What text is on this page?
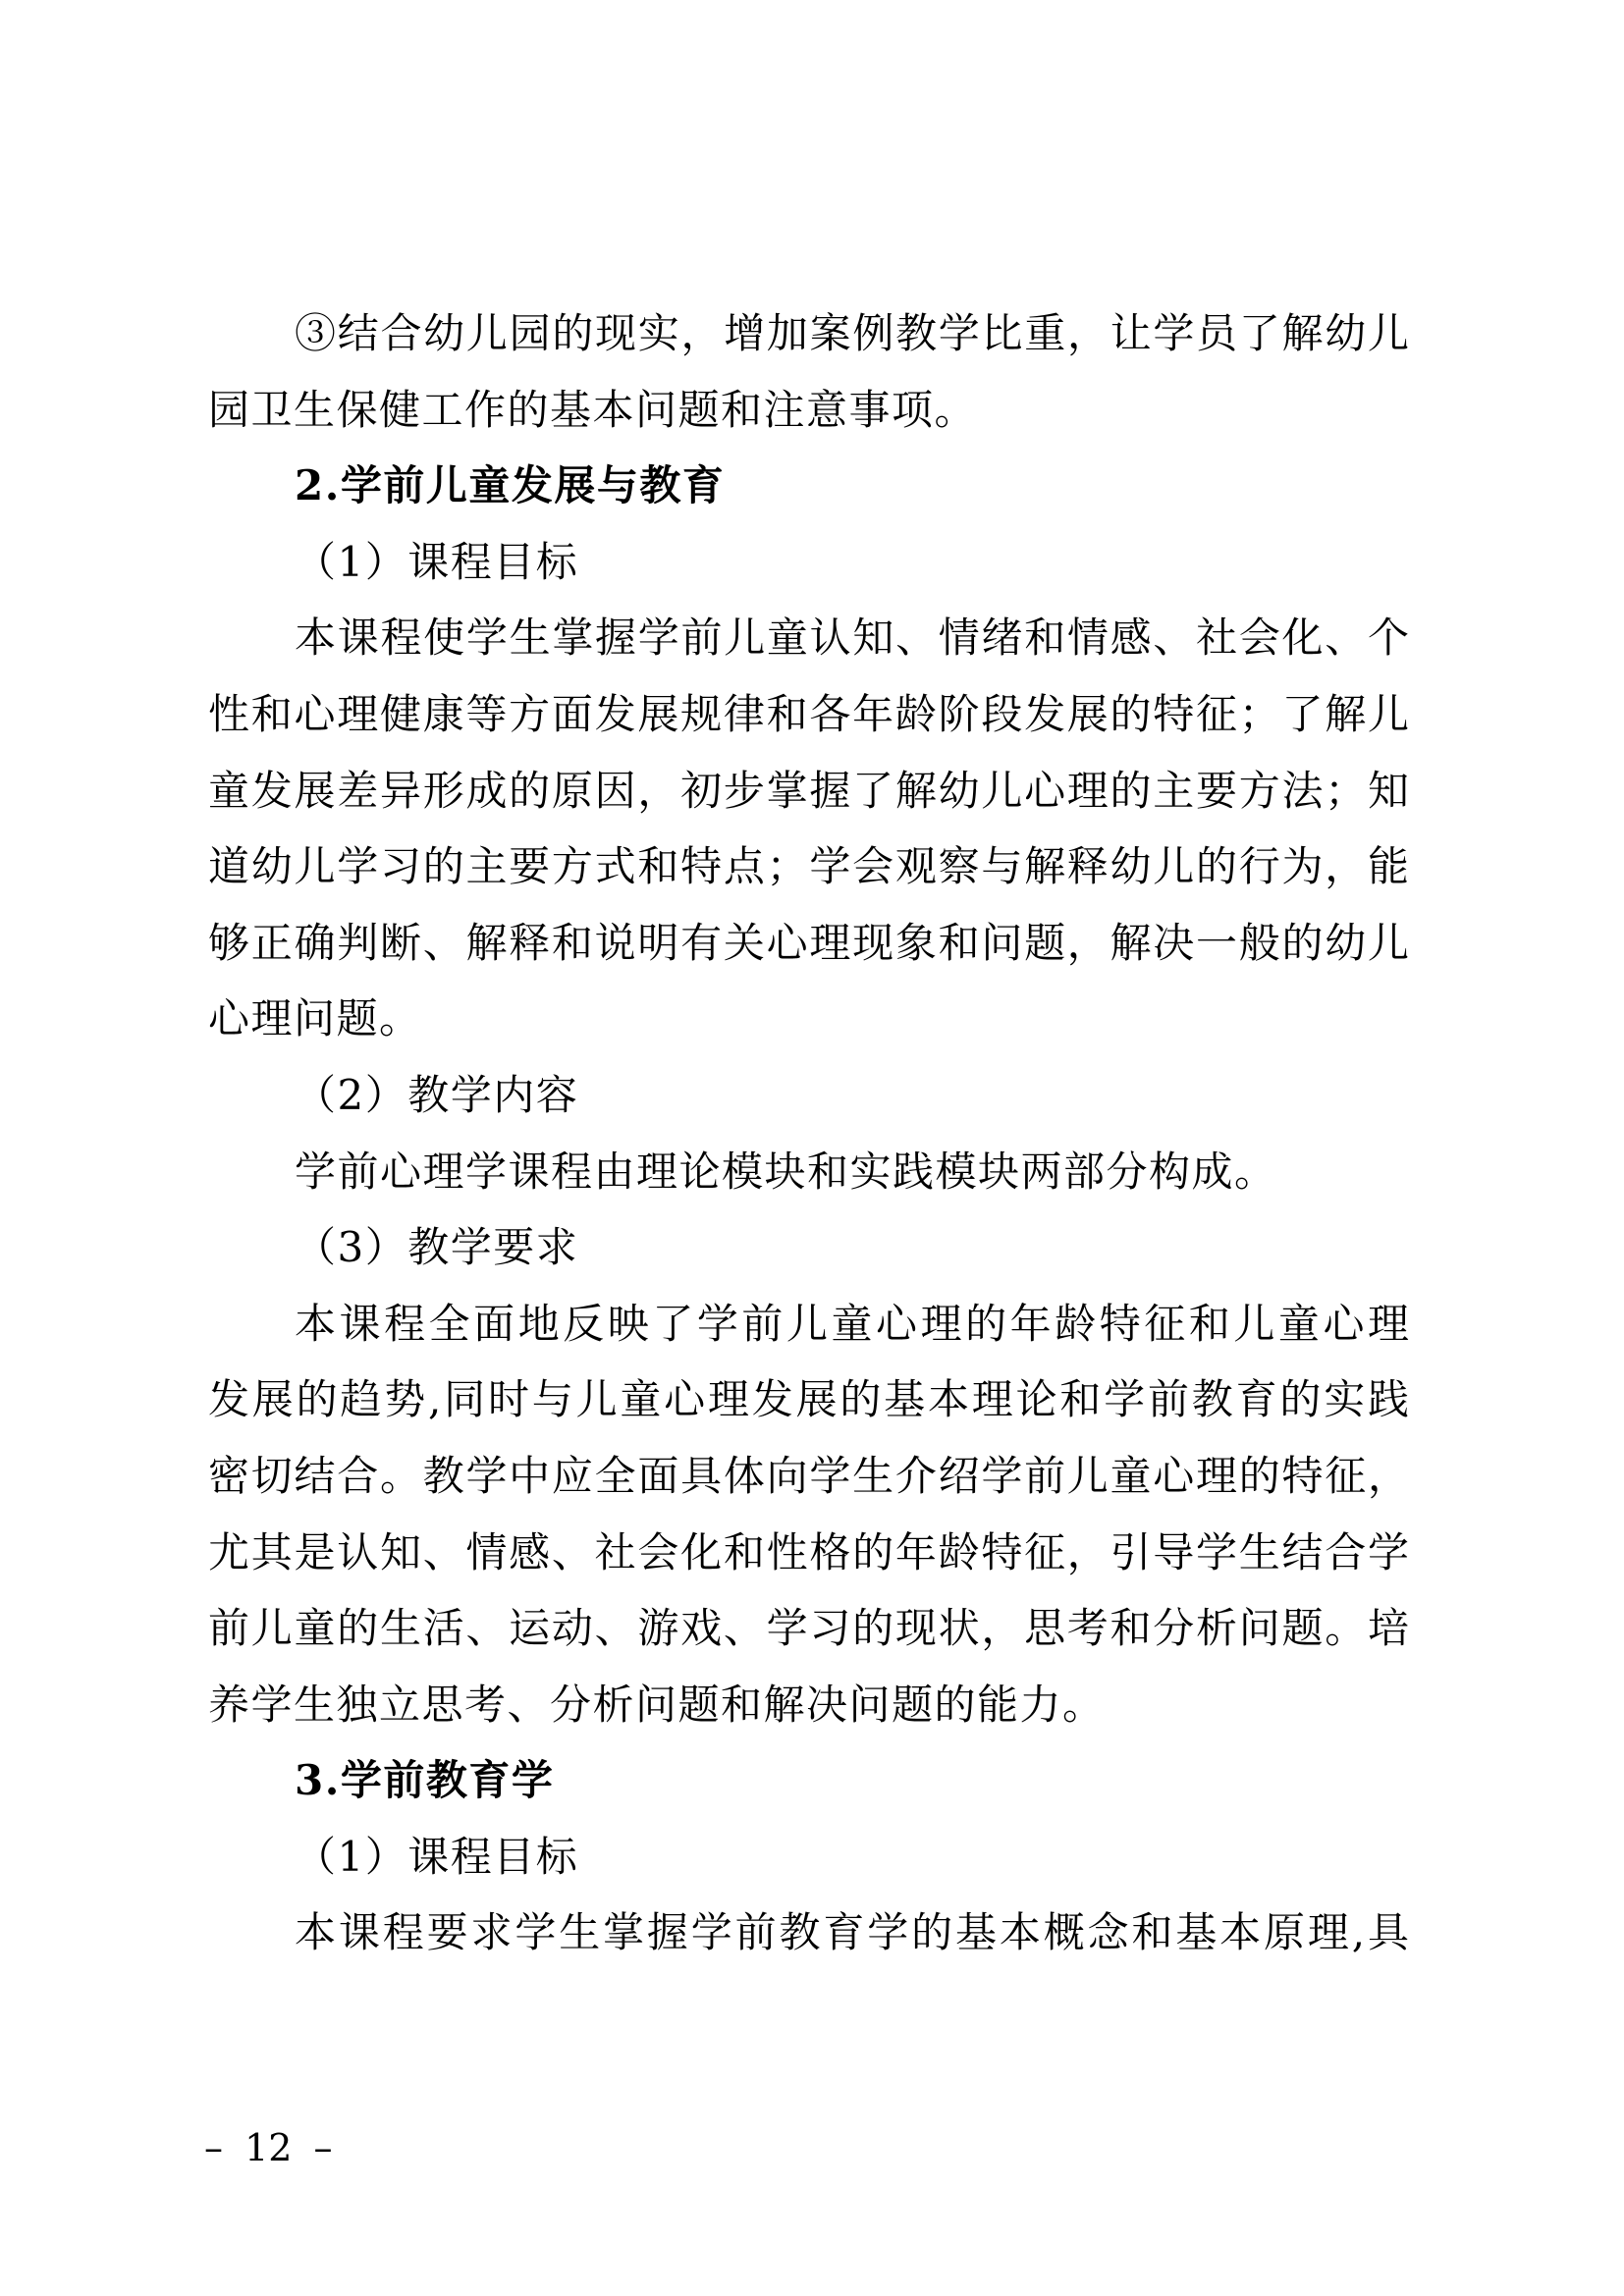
③结合幼儿园的现实，增加案例教学比重，让学员了解幼儿
园卫生保健工作的基本问题和注意事项。
2.学前儿童发展与教育
（1）课程目标
本课程使学生掌握学前儿童认知、情绪和情感、社会化、个
性和心理健康等方面发展规律和各年龄阶段发展的特征；了解儿
童发展差异形成的原因，初步掌握了解幼儿心理的主要方法；知
道幼儿学习的主要方式和特点；学会观察与解释幼儿的行为，能
够正确判断、解释和说明有关心理现象和问题，解决一般的幼儿
心理问题。
（2）教学内容
学前心理学课程由理论模块和实践模块两部分构成。
（3）教学要求
本课程全面地反映了学前儿童心理的年龄特征和儿童心理
发展的趋势,同时与儿童心理发展的基本理论和学前教育的实践
密切结合。教学中应全面具体向学生介绍学前儿童心理的特征，
尤其是认知、情感、社会化和性格的年龄特征，引导学生结合学
前儿童的生活、运动、游戏、学习的现状，思考和分析问题。培
养学生独立思考、分析问题和解决问题的能力。
3.学前教育学
（1）课程目标
本课程要求学生掌握学前教育学的基本概念和基本原理,具
– 12 –
